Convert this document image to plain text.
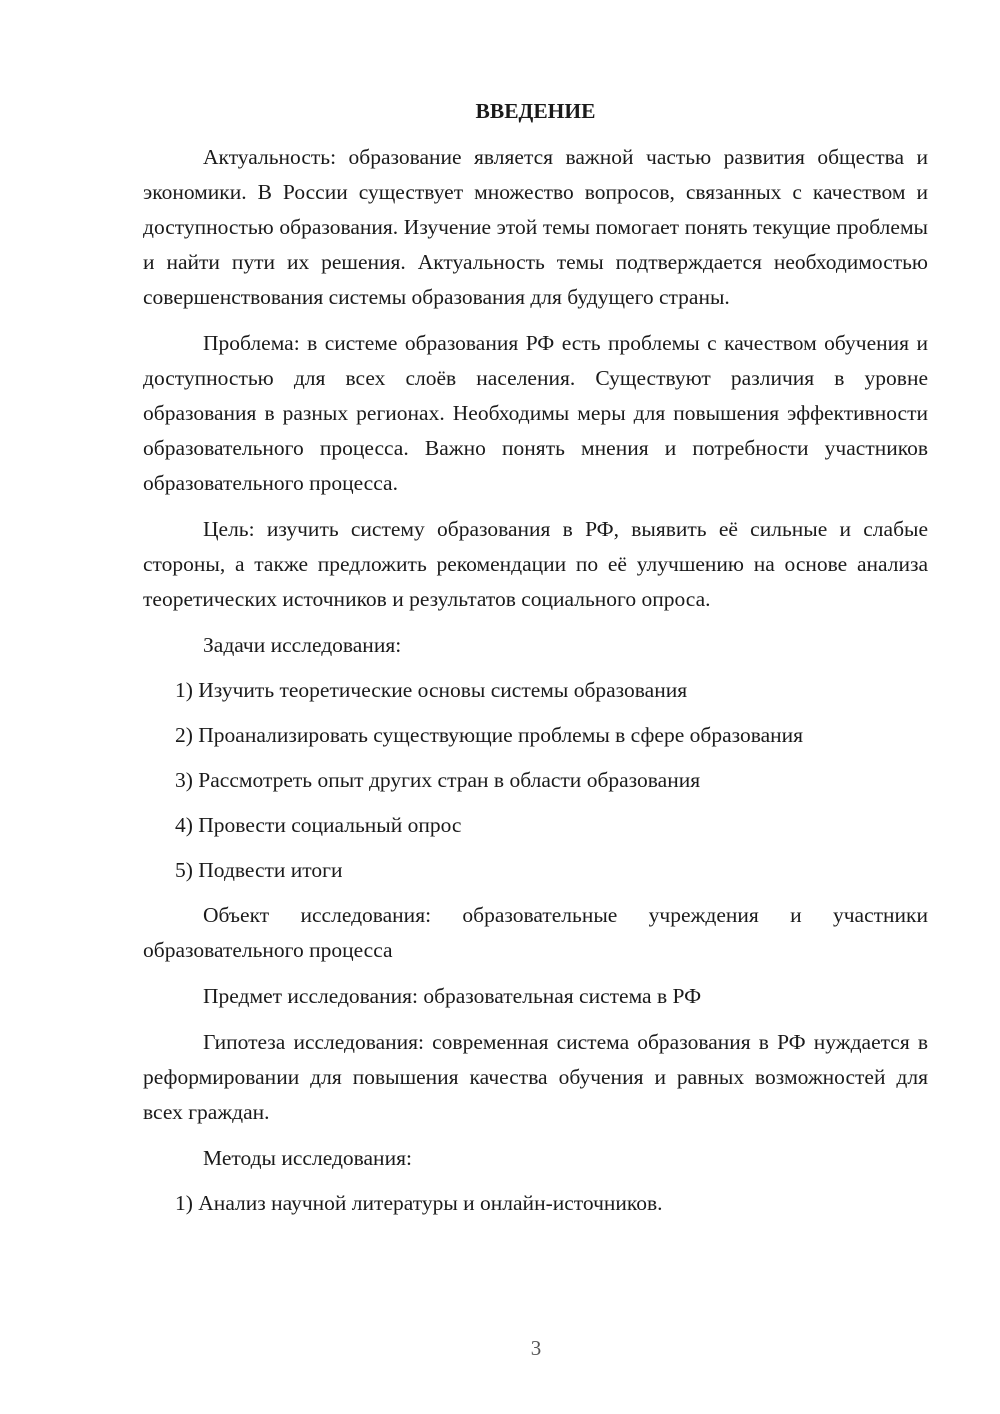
ВВЕДЕНИЕ

Актуальность: образование является важной частью развития общества и экономики. В России существует множество вопросов, связанных с качеством и доступностью образования. Изучение этой темы помогает понять текущие проблемы и найти пути их решения. Актуальность темы подтверждается необходимостью совершенствования системы образования для будущего страны.

Проблема: в системе образования РФ есть проблемы с качеством обучения и доступностью для всех слоёв населения. Существуют различия в уровне образования в разных регионах. Необходимы меры для повышения эффективности образовательного процесса. Важно понять мнения и потребности участников образовательного процесса.

Цель: изучить систему образования в РФ, выявить её сильные и слабые стороны, а также предложить рекомендации по её улучшению на основе анализа теоретических источников и результатов социального опроса.

Задачи исследования:

1) Изучить теоретические основы системы образования
2) Проанализировать существующие проблемы в сфере образования
3) Рассмотреть опыт других стран в области образования
4) Провести социальный опрос
5) Подвести итоги

Объект исследования: образовательные учреждения и участники образовательного процесса

Предмет исследования: образовательная система в РФ

Гипотеза исследования: современная система образования в РФ нуждается в реформировании для повышения качества обучения и равных возможностей для всех граждан.

Методы исследования:

1) Анализ научной литературы и онлайн-источников.
3
